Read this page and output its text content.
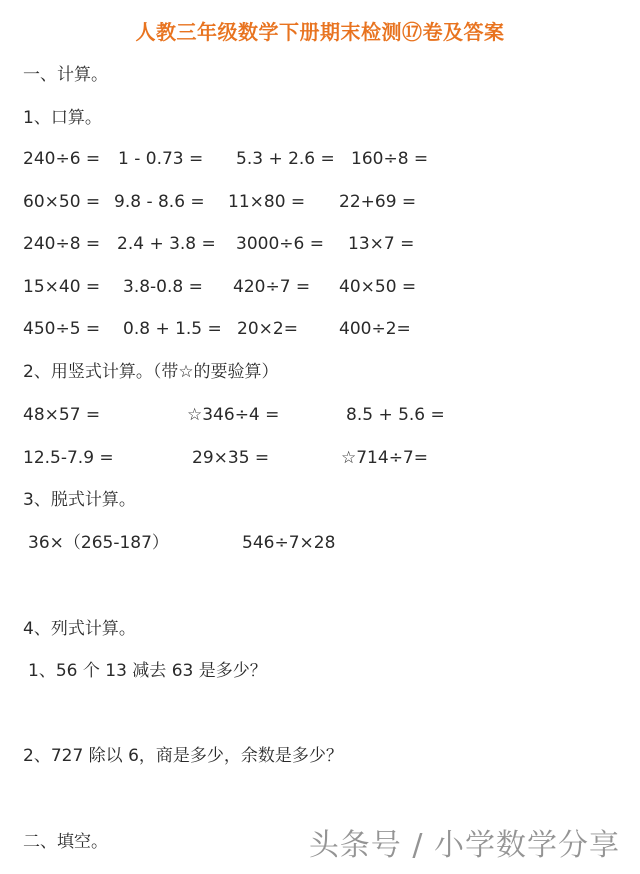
人教三年级数学下册期末检测⑰卷及答案
一、计算。
1、口算。
240÷6 = 1 - 0.73 = 5.3 + 2.6 = 160÷8 =
60×50 = 9.8 - 8.6 = 11×80 = 22+69 =
240÷8 = 2.4 + 3.8 = 3000÷6 = 13×7 =
15×40 = 3.8-0.8 = 420÷7 = 40×50 =
450÷5 = 0.8 + 1.5 = 20×2= 400÷2=
2、用竖式计算。（带☆的要验算）
48×57 =	☆346÷4 =	8.5 + 5.6 =
12.5-7.9 =	29×35 =	☆714÷7=
3、脱式计算。
36×（265-187）	546÷7×28
4、列式计算。
1、56 个 13 减去 63 是多少？
2、727 除以 6，商是多少，余数是多少？
二、填空。	头条号 / 小学数学分享
